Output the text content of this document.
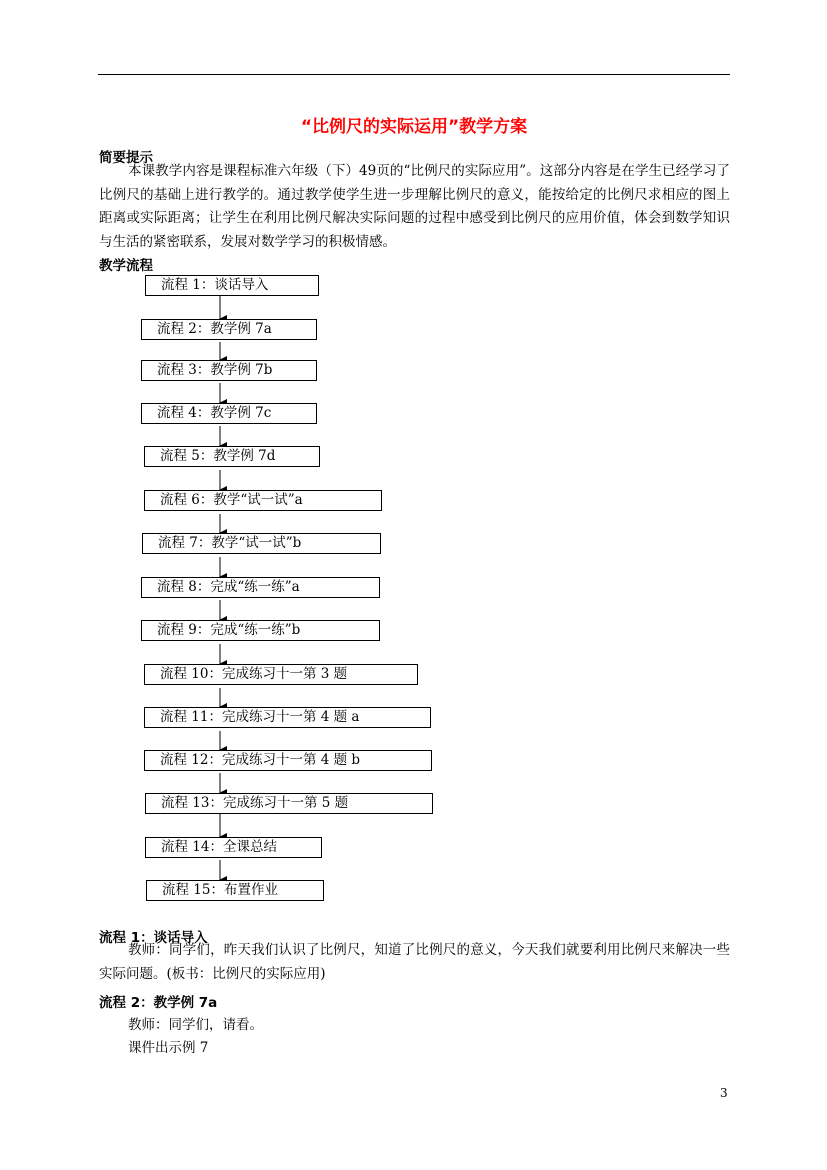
“比例尺的实际运用”教学方案
简要提示
本课教学内容是课程标准六年级（下）49页的“比例尺的实际应用”。这部分内容是在学生已经学习了比例尺的基础上进行教学的。通过教学使学生进一步理解比例尺的意义，能按给定的比例尺求相应的图上距离或实际距离；让学生在利用比例尺解决实际问题的过程中感受到比例尺的应用价值，体会到数学知识与生活的紧密联系，发展对数学学习的积极情感。
教学流程
流程 1：谈话导入
流程 2：教学例 7a
流程 3：教学例 7b
流程 4：教学例 7c
流程 5：教学例 7d
流程 6：教学“试一试”a
流程 7：教学“试一试”b
流程 8：完成“练一练”a
流程 9：完成“练一练”b
流程 10：完成练习十一第 3 题
流程 11：完成练习十一第 4 题 a
流程 12：完成练习十一第 4 题 b
流程 13：完成练习十一第 5 题
流程 14：全课总结
流程 15：布置作业
流程 1：谈话导入
教师：同学们，昨天我们认识了比例尺，知道了比例尺的意义，今天我们就要利用比例尺来解决一些实际问题。(板书：比例尺的实际应用)
流程 2：教学例 7a
教师：同学们，请看。
课件出示例 7
3
